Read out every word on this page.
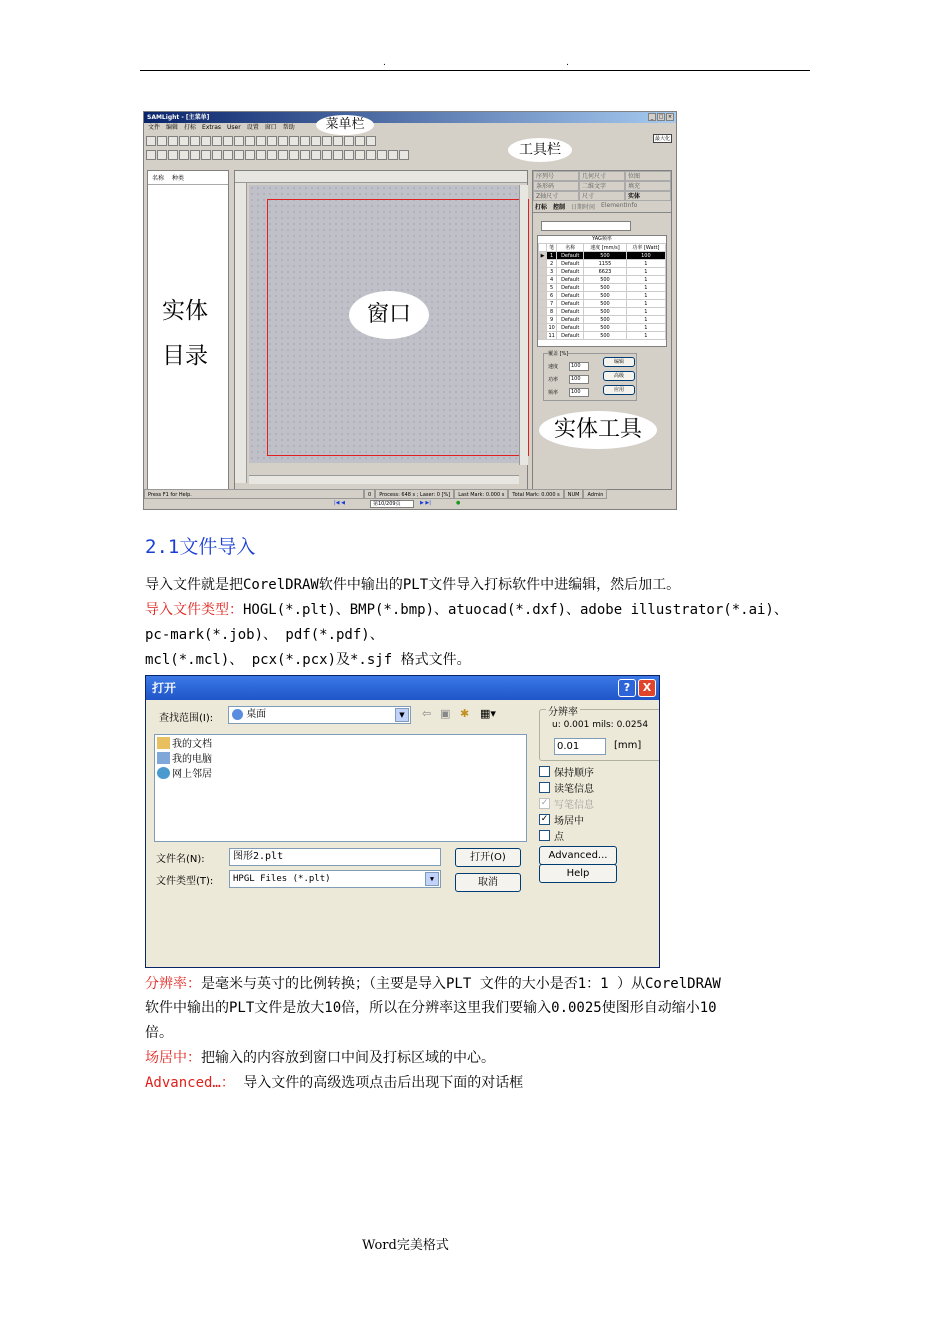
.	.
SAMLight - [主菜单]	_	□ ×
文件 编辑 打标 Extras User 设置 窗口 帮助
最大化
菜单栏
工具栏
名称 种类
实体
目录
窗口
序列号	几何尺寸	位图
条形码	二维文字	填充
Z轴尺寸	尺寸	实体
打标 控制 日期时间 ElementInfo
YAG频率
	笔	名称	速度 [mm/s]	功率 [Watt]
▶	1	Default	500	100
	2	Default	1155	1
	3	Default	6623	1
	4	Default	500	1
	5	Default	500	1
	6	Default	500	1
	7	Default	500	1
	8	Default	500	1
	9	Default	500	1
	10	Default	500	1
	11	Default	500	1
覆盖 [%]
速度	100
功率	100
频率	100
编辑
高级
应用
实体工具
Press F1 for Help.	0	Process: 648 s ; Laser: 0 [%]	Last Mark: 0.000 s	Total Mark: 0.000 s	NUM	Admin
|◀ ◀	第10/209页	▶ ▶|	●
2.1文件导入
导入文件就是把CorelDRAW软件中输出的PLT文件导入打标软件中进编辑，然后加工。
导入文件类型：HOGL(*.plt)、BMP(*.bmp)、atuocad(*.dxf)、adobe illustrator(*.ai)、
pc-mark(*.job)、 pdf(*.pdf)、
mcl(*.mcl)、 pcx(*.pcx)及*.sjf 格式文件。
打开	?	X
查找范围(I):	桌面	▼	⇦ ▣ ✱ ▦▾
我的文档
我的电脑
网上邻居
分辨率
u: 0.001 mils: 0.0254
0.01	[mm]
保持顺序
读笔信息
✓ 写笔信息
✓ 场居中
点
文件名(N):	图形2.plt
文件类型(T):	HPGL Files (*.plt)	▼
打开(O)
取消
Advanced...
Help
分辨率：是毫米与英寸的比例转换；（主要是导入PLT 文件的大小是否1：1 ）从CorelDRAW
软件中输出的PLT文件是放大10倍，所以在分辨率这里我们要输入0.0025使图形自动缩小10
倍。
场居中：把输入的内容放到窗口中间及打标区域的中心。
Advanced…： 导入文件的高级选项点击后出现下面的对话框
Word完美格式
